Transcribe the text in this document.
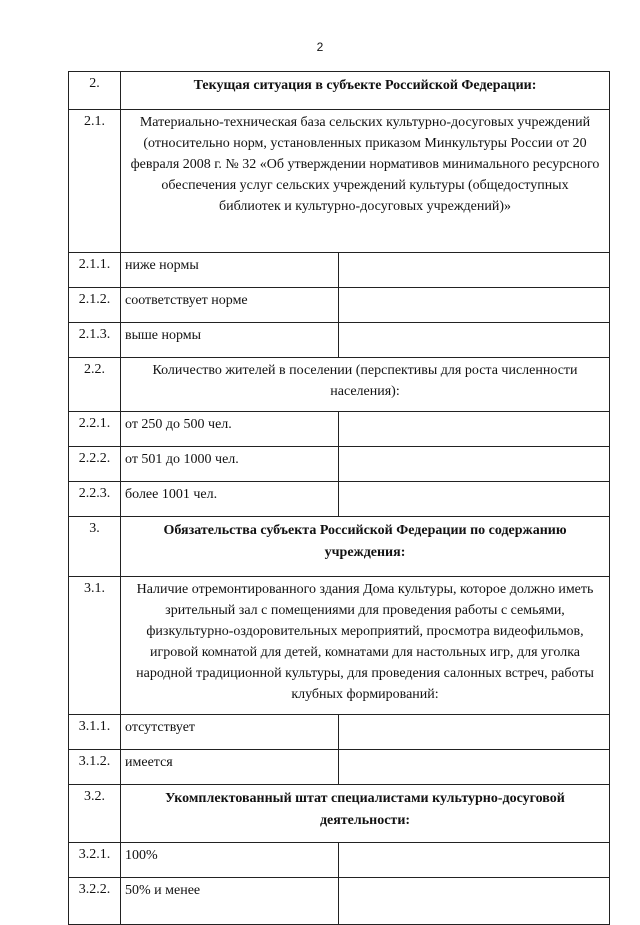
2
2.	Текущая ситуация в субъекте Российской Федерации:	
2.1.	Материально-техническая база сельских культурно-досуговых учреждений (относительно норм, установленных приказом Минкультуры России от 20 февраля 2008 г. № 32 «Об утверждении нормативов минимального ресурсного обеспечения услуг сельских учреждений культуры (общедоступных библиотек и культурно-досуговых учреждений)»	
2.1.1.	ниже нормы	
2.1.2.	соответствует норме	
2.1.3.	выше нормы	
2.2.	Количество жителей в поселении (перспективы для роста численности населения):	
2.2.1.	от 250 до 500 чел.	
2.2.2.	от 501 до 1000 чел.	
2.2.3.	более 1001 чел.	
3.	Обязательства субъекта Российской Федерации по содержанию учреждения:	
3.1.	Наличие отремонтированного здания Дома культуры, которое должно иметь зрительный зал с помещениями для проведения работы с семьями, физкультурно-оздоровительных мероприятий, просмотра видеофильмов, игровой комнатой для детей, комнатами для настольных игр, для уголка народной традиционной культуры, для проведения салонных встреч, работы клубных формирований:	
3.1.1.	отсутствует	
3.1.2.	имеется	
3.2.	Укомплектованный штат специалистами культурно-досуговой деятельности:	
3.2.1.	100%	
3.2.2.	50% и менее	
